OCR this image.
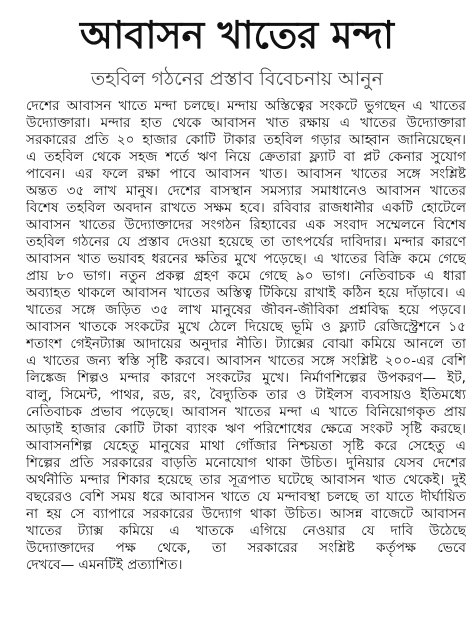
আবাসন খাতের মন্দা
তহবিল গঠনের প্রস্তাব বিবেচনায় আনুন
দেশের আবাসন খাতে মন্দা চলছে। মন্দায় অস্তিত্বের সংকটে ভুগছেন এ খাতের
উদ্যোক্তারা। মন্দার হাত থেকে আবাসন খাত রক্ষায় এ খাতের উদ্যোক্তারা
সরকারের প্রতি ২০ হাজার কোটি টাকার তহবিল গড়ার আহ্বান জানিয়েছেন।
এ তহবিল থেকে সহজ শর্তে ঋণ নিয়ে ক্রেতারা ফ্ল্যাট বা প্লট কেনার সুযোগ
পাবেন। এর ফলে রক্ষা পাবে আবাসন খাত। আবাসন খাতের সঙ্গে সংশ্লিষ্ট
অন্তত ৩৫ লাখ মানুষ। দেশের বাসস্থান সমস্যার সমাধানেও আবাসন খাতের
বিশেষ তহবিল অবদান রাখতে সক্ষম হবে। রবিবার রাজধানীর একটি হোটেলে
আবাসন খাতের উদ্যোক্তাদের সংগঠন রিহ্যাবের এক সংবাদ সম্মেলনে বিশেষ
তহবিল গঠনের যে প্রস্তাব দেওয়া হয়েছে তা তাৎপর্যের দাবিদার। মন্দার কারণে
আবাসন খাত ভয়াবহ ধরনের ক্ষতির মুখে পড়েছে। এ খাতের বিক্রি কমে গেছে
প্রায় ৮০ ভাগ। নতুন প্রকল্প গ্রহণ কমে গেছে ৯০ ভাগ। নেতিবাচক এ ধারা
অব্যাহত থাকলে আবাসন খাতের অস্তিত্ব টিকিয়ে রাখাই কঠিন হয়ে দাঁড়াবে। এ
খাতের সঙ্গে জড়িত ৩৫ লাখ মানুষের জীবন-জীবিকা প্রশ্নবিদ্ধ হয়ে পড়বে।
আবাসন খাতকে সংকটের মুখে ঠেলে দিয়েছে ভূমি ও ফ্ল্যাট রেজিস্ট্রেশনে ১৫
শতাংশ গেইনট্যাক্স আদায়ের অনুদার নীতি। ট্যাক্সের বোঝা কমিয়ে আনলে তা
এ খাতের জন্য স্বস্তি সৃষ্টি করবে। আবাসন খাতের সঙ্গে সংশ্লিষ্ট ২০০-এর বেশি
লিঙ্কেজ শিল্পও মন্দার কারণে সংকটের মুখে। নির্মাণশিল্পের উপকরণ— ইট,
বালু, সিমেন্ট, পাথর, রড, রং, বৈদ্যুতিক তার ও টাইলস ব্যবসায়ও ইতিমধ্যে
নেতিবাচক প্রভাব পড়েছে। আবাসন খাতের মন্দা এ খাতে বিনিয়োগকৃত প্রায়
আড়াই হাজার কোটি টাকা ব্যাংক ঋণ পরিশোধের ক্ষেত্রে সংকট সৃষ্টি করছে।
আবাসনশিল্প যেহেতু মানুষের মাথা গোঁজার নিশ্চয়তা সৃষ্টি করে সেহেতু এ
শিল্পের প্রতি সরকারের বাড়তি মনোযোগ থাকা উচিত। দুনিয়ার যেসব দেশের
অর্থনীতি মন্দার শিকার হয়েছে তার সূত্রপাত ঘটেছে আবাসন খাত থেকেই। দুই
বছরেরও বেশি সময় ধরে আবাসন খাতে যে মন্দাবস্থা চলছে তা যাতে দীর্ঘায়িত
না হয় সে ব্যাপারে সরকারের উদ্যোগ থাকা উচিত। আসন্ন বাজেটে আবাসন
খাতের ট্যাক্স কমিয়ে এ খাতকে এগিয়ে নেওয়ার যে দাবি উঠেছে
উদ্যোক্তাদের পক্ষ থেকে, তা সরকারের সংশ্লিষ্ট কর্তৃপক্ষ ভেবে
দেখবে— এমনটিই প্রত্যাশিত।
